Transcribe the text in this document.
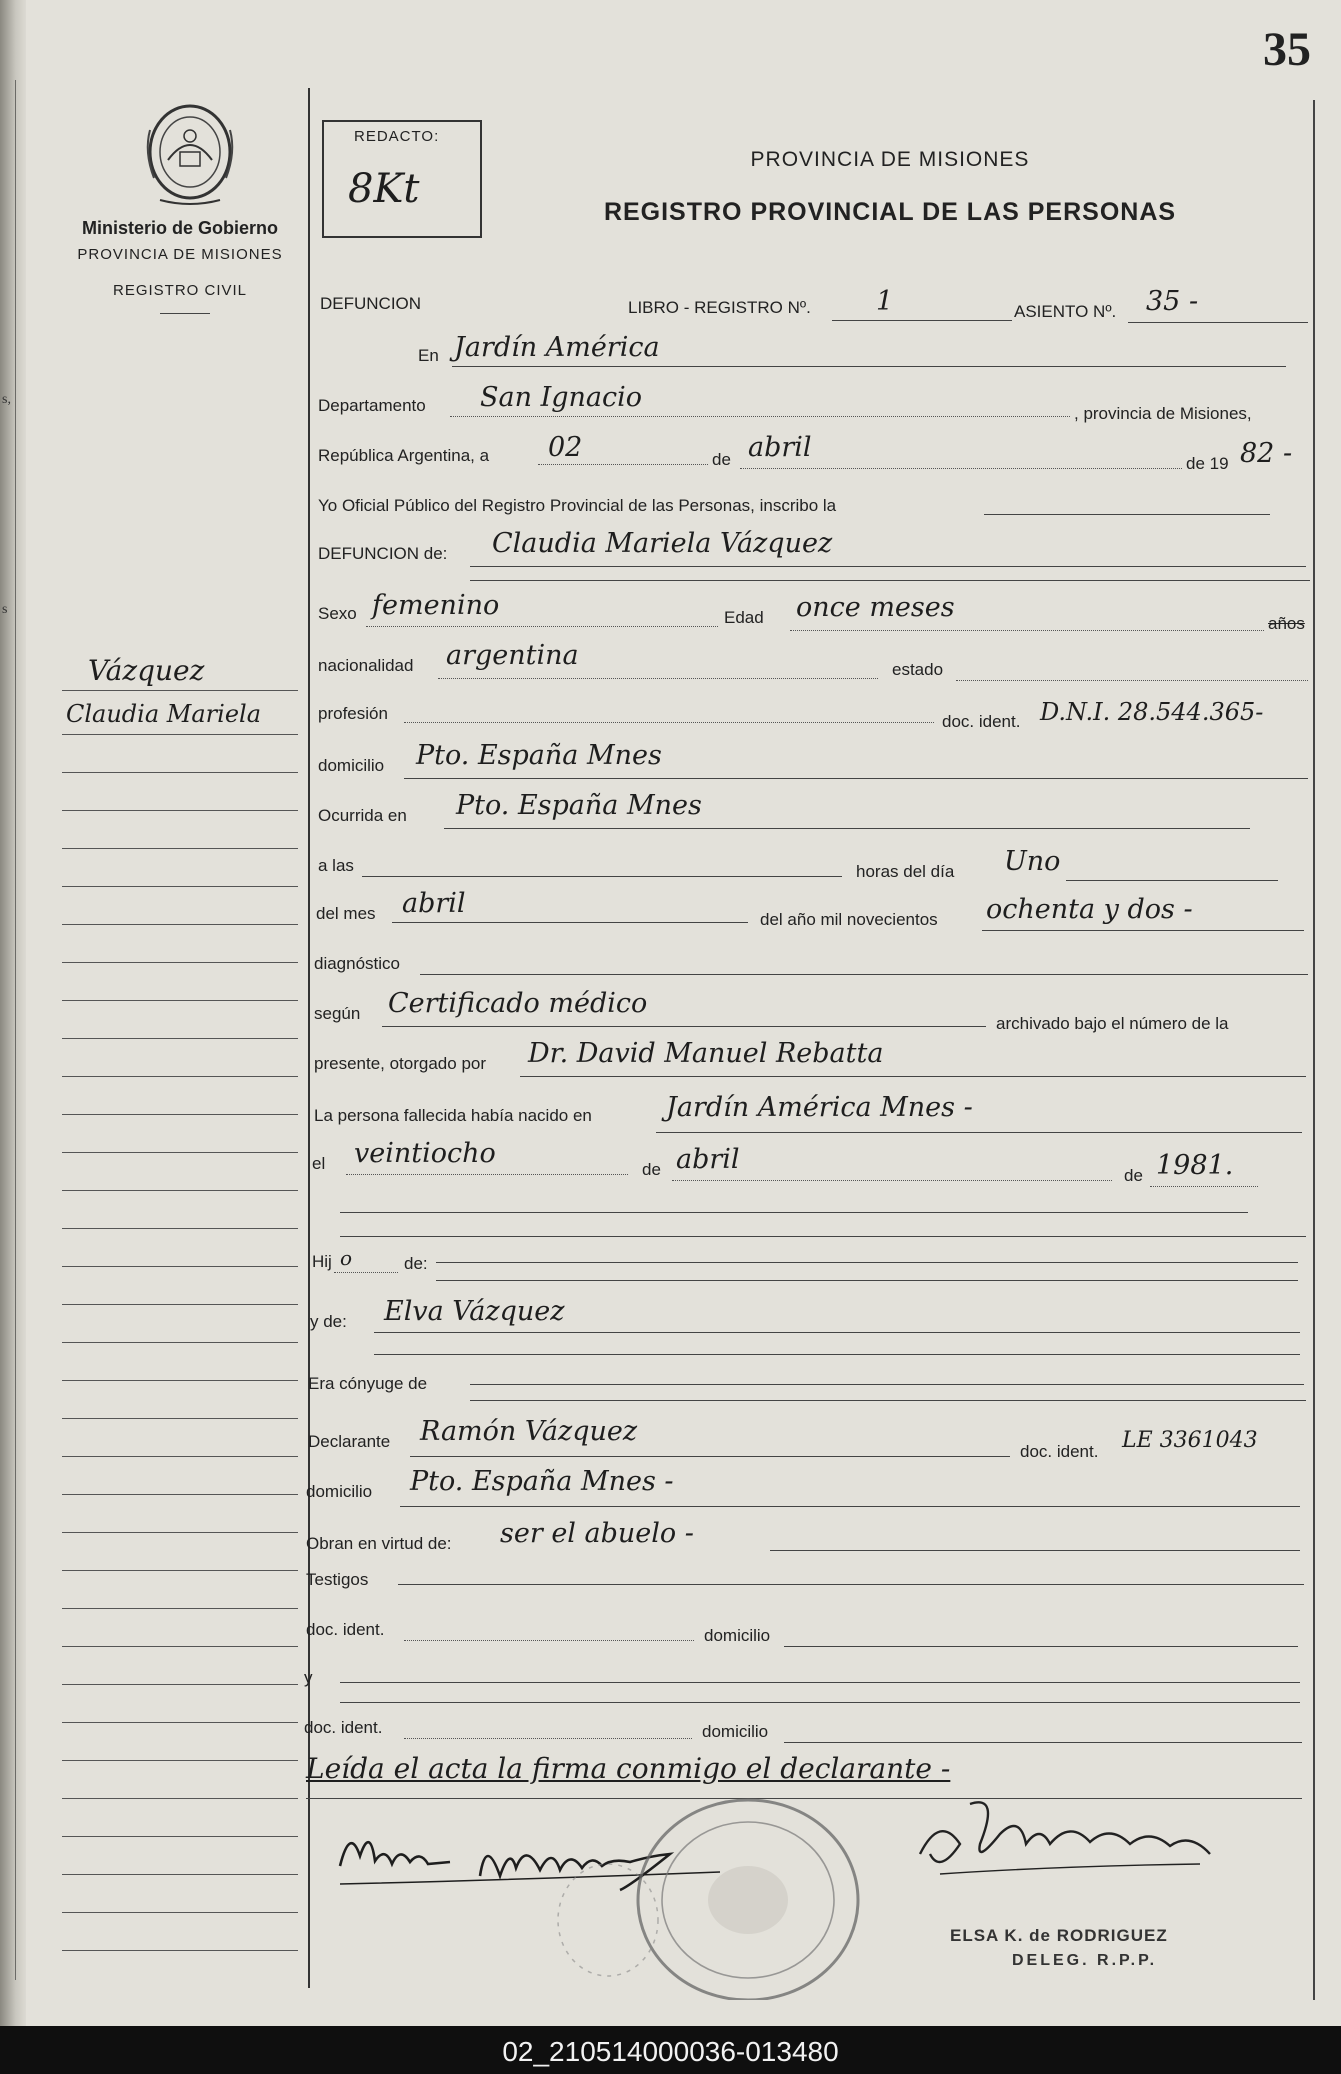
s,
s
35
Ministerio de Gobierno
PROVINCIA DE MISIONES
REGISTRO CIVIL
REDACTO:
8Kt
PROVINCIA DE MISIONES
REGISTRO PROVINCIAL DE LAS PERSONAS
Vázquez
Claudia Mariela
DEFUNCION	LIBRO - REGISTRO Nº. 1	ASIENTO Nº. 35 -
En Jardín América
Departamento San Ignacio
, provincia de Misiones,
República Argentina, a 02	de abril
de 19 82 -
Yo Oficial Público del Registro Provincial de las Personas, inscribo la
DEFUNCION de: Claudia Mariela Vázquez
Sexo femenino	Edad once meses
años
nacionalidad argentina	estado
profesión	doc. ident. D.N.I. 28.544.365-
domicilio Pto. España Mnes
Ocurrida en Pto. España Mnes
a las	horas del día Uno
del mes abril
del año mil novecientos ochenta y dos -
diagnóstico
según Certificado médico
archivado bajo el número de la
presente, otorgado por Dr. David Manuel Rebatta
La persona fallecida había nacido en	Jardín América Mnes -
el veintiocho
de abril
de 1981.
Hij o	de:
y de: Elva Vázquez
Era cónyuge de
Declarante Ramón Vázquez
doc. ident. LE 3361043
domicilio Pto. España Mnes -
Obran en virtud de: ser el abuelo -
Testigos
doc. ident.	domicilio
y
doc. ident.	domicilio
Leída el acta la firma conmigo el declarante -
ELSA K. de RODRIGUEZ
DELEG. R.P.P.
02_210514000036-013480
